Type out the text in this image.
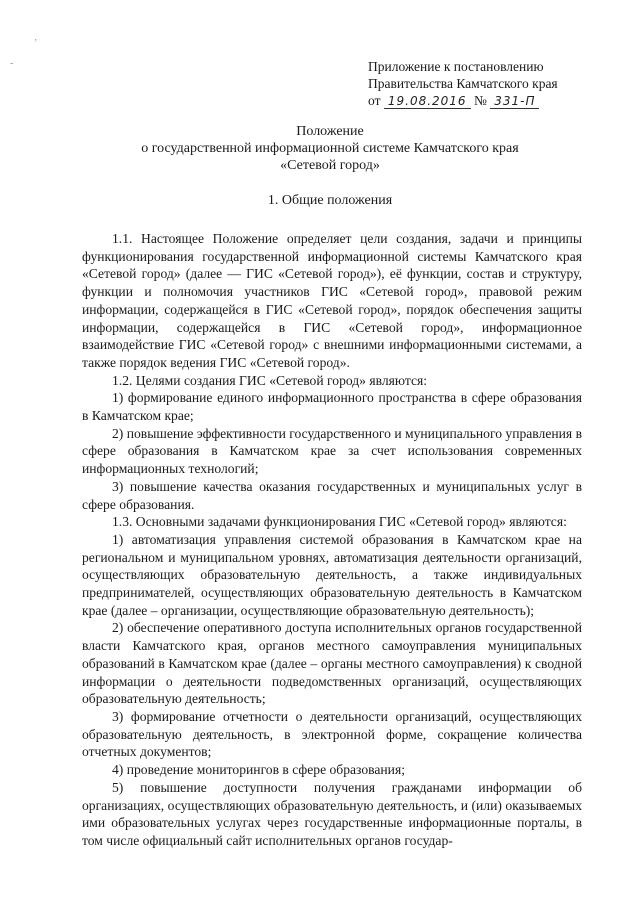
‚
-	Приложение к постановлению
Правительства Камчатского края
от 19.08.2016 № 331-П
Положение
о государственной информационной системе Камчатского края
«Сетевой город»
1. Общие положения

1.1. Настоящее Положение определяет цели создания, задачи и принципы функционирования государственной информационной системы Камчатского края «Сетевой город» (далее — ГИС «Сетевой город»), её функции, состав и структуру, функции и полномочия участников ГИС «Сетевой город», правовой режим информации, содержащейся в ГИС «Сетевой город», порядок обеспечения защиты информации, содержащейся в ГИС «Сетевой город», информационное взаимодействие ГИС «Сетевой город» с внешними информационными системами, а также порядок ведения ГИС «Сетевой город».

1.2. Целями создания ГИС «Сетевой город» являются:

1) формирование единого информационного пространства в сфере образования в Камчатском крае;

2) повышение эффективности государственного и муниципального управления в сфере образования в Камчатском крае за счет использования современных информационных технологий;

3) повышение качества оказания государственных и муниципальных услуг в сфере образования.

1.3. Основными задачами функционирования ГИС «Сетевой город» являются:

1) автоматизация управления системой образования в Камчатском крае на региональном и муниципальном уровнях, автоматизация деятельности организаций, осуществляющих образовательную деятельность, а также индивидуальных предпринимателей, осуществляющих образовательную деятельность в Камчатском крае (далее – организации, осуществляющие образовательную деятельность);

2) обеспечение оперативного доступа исполнительных органов государственной власти Камчатского края, органов местного самоуправления муниципальных образований в Камчатском крае (далее – органы местного самоуправления) к сводной информации о деятельности подведомственных организаций, осуществляющих образовательную деятельность;

3) формирование отчетности о деятельности организаций, осуществляющих образовательную деятельность, в электронной форме, сокращение количества отчетных документов;

4) проведение мониторингов в сфере образования;

5) повышение доступности получения гражданами информации об организациях, осуществляющих образовательную деятельность, и (или) оказываемых ими образовательных услугах через государственные информационные порталы, в том числе официальный сайт исполнительных органов государ-
